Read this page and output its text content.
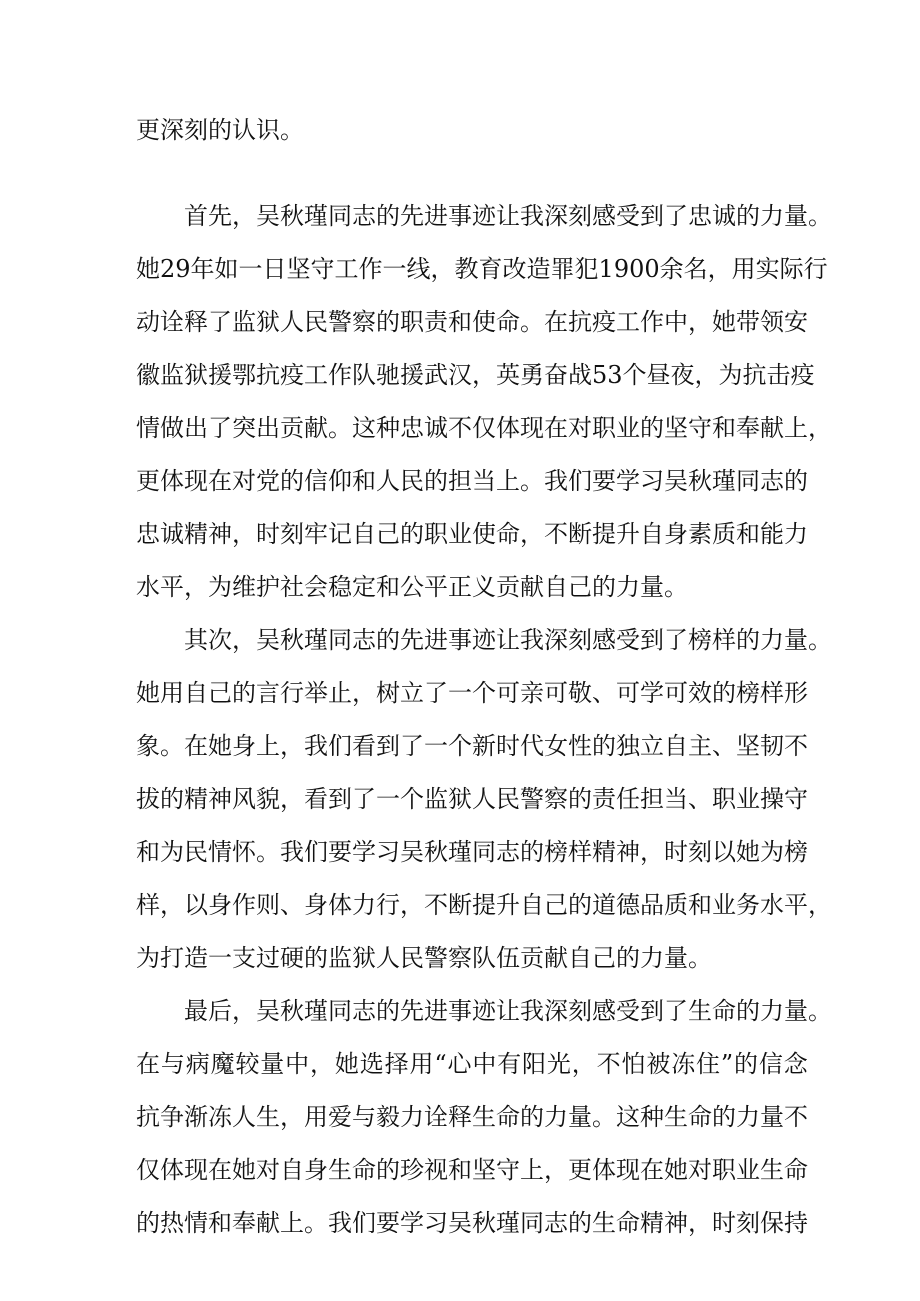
更深刻的认识。
首 先 ， 吴 秋 瑾 同 志 的 先 进 事 迹 让 我 深 刻 感 受 到 了 忠 诚 的 力 量 。
她 29 年 如 一 日 坚 守 工 作 一 线 ， 教 育 改 造 罪 犯 1900 余 名 ， 用 实 际 行
动 诠 释 了 监 狱 人 民 警 察 的 职 责 和 使 命 。 在 抗 疫 工 作 中 ， 她 带 领 安
徽 监 狱 援 鄂 抗 疫 工 作 队 驰 援 武 汉 ， 英 勇 奋 战 53 个 昼 夜 ， 为 抗 击 疫
情 做 出 了 突 出 贡 献 。 这 种 忠 诚 不 仅 体 现 在 对 职 业 的 坚 守 和 奉 献 上 ，
更 体 现 在 对 党 的 信 仰 和 人 民 的 担 当 上 。 我 们 要 学 习 吴 秋 瑾 同 志 的
忠 诚 精 神 ， 时 刻 牢 记 自 己 的 职 业 使 命 ， 不 断 提 升 自 身 素 质 和 能 力
水平，为维护社会稳定和公平正义贡献自己的力量。
其 次 ， 吴 秋 瑾 同 志 的 先 进 事 迹 让 我 深 刻 感 受 到 了 榜 样 的 力 量 。
她 用 自 己 的 言 行 举 止 ， 树 立 了 一 个 可 亲 可 敬 、 可 学 可 效 的 榜 样 形
象 。 在 她 身 上 ， 我 们 看 到 了 一 个 新 时 代 女 性 的 独 立 自 主 、 坚 韧 不
拔 的 精 神 风 貌 ， 看 到 了 一 个 监 狱 人 民 警 察 的 责 任 担 当 、 职 业 操 守
和 为 民 情 怀 。 我 们 要 学 习 吴 秋 瑾 同 志 的 榜 样 精 神 ， 时 刻 以 她 为 榜
样 ， 以 身 作 则 、 身 体 力 行 ， 不 断 提 升 自 己 的 道 德 品 质 和 业 务 水 平 ，
为打造一支过硬的监狱人民警察队伍贡献自己的力量。
最 后 ， 吴 秋 瑾 同 志 的 先 进 事 迹 让 我 深 刻 感 受 到 了 生 命 的 力 量 。
在 与 病 魔 较 量 中 ， 她 选 择 用 “ 心 中 有 阳 光 ， 不 怕 被 冻 住 ” 的 信 念
抗 争 渐 冻 人 生 ， 用 爱 与 毅 力 诠 释 生 命 的 力 量 。 这 种 生 命 的 力 量 不
仅 体 现 在 她 对 自 身 生 命 的 珍 视 和 坚 守 上 ， 更 体 现 在 她 对 职 业 生 命
的 热 情 和 奉 献 上 。 我 们 要 学 习 吴 秋 瑾 同 志 的 生 命 精 神 ， 时 刻 保 持
